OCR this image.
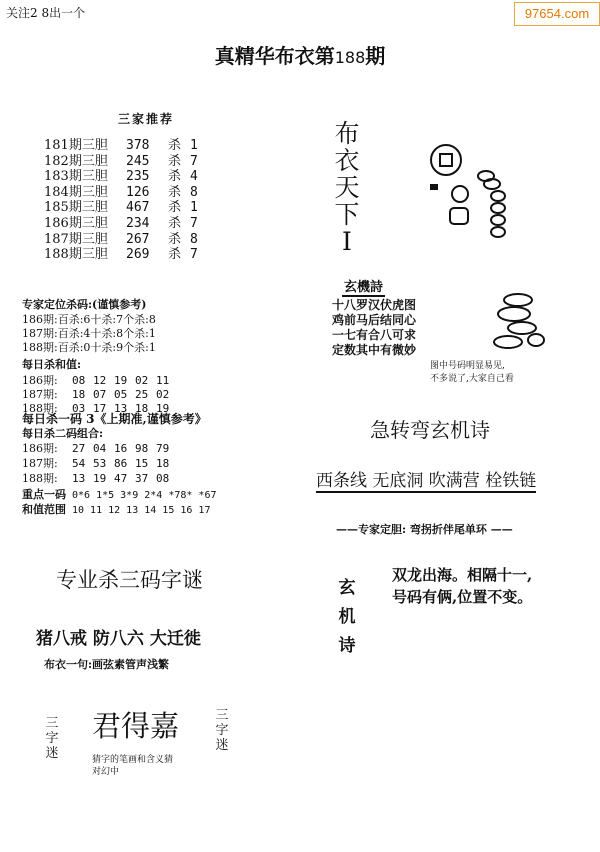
关注2 8出一个	97654.com
真精华布衣第188期
三家推荐
181期三胆 378 杀 1
182期三胆 245 杀 7
183期三胆 235 杀 4
184期三胆 126 杀 8
185期三胆 467 杀 1
186期三胆 234 杀 7
187期三胆 267 杀 8
188期三胆 269 杀 7
专家定位杀码:(谨慎参考)
186期:百杀:6十杀:7个杀:8
187期:百杀:4十杀:8个杀:1
188期:百杀:0十杀:9个杀:1
每日杀和值:
186期: 08 12 19 02 11
187期: 18 07 05 25 02
188期: 03 17 13 18 19
每日杀一码 3《上期准,谨慎参考》
每日杀二码组合:
186期: 27 04 16 98 79
187期: 54 53 86 15 18
188期: 13 19 47 37 08
重点一码 0*6 1*5 3*9 2*4 *78* *67
和值范围 10 11 12 13 14 15 16 17
专业杀三码字谜
猪八戒 防八六 大迁徙
布衣一句:画弦素管声浅繁
三
字
迷
君得嘉	三
字
迷
猜字的笔画和含义猜
对幻中
布
衣
天
下
Ⅰ
玄機詩
十八罗汉伏虎图
鸡前马后结同心
一七有合八可求
定数其中有微妙
图中号码明显易见,
不多说了,大家自己看
急转弯玄机诗
西条线 无底洞 吹满营 栓铁链
——专家定胆: 弯拐折伴尾单环 ——
玄
机
诗
双龙出海。相隔十一,
号码有俩,位置不变。
